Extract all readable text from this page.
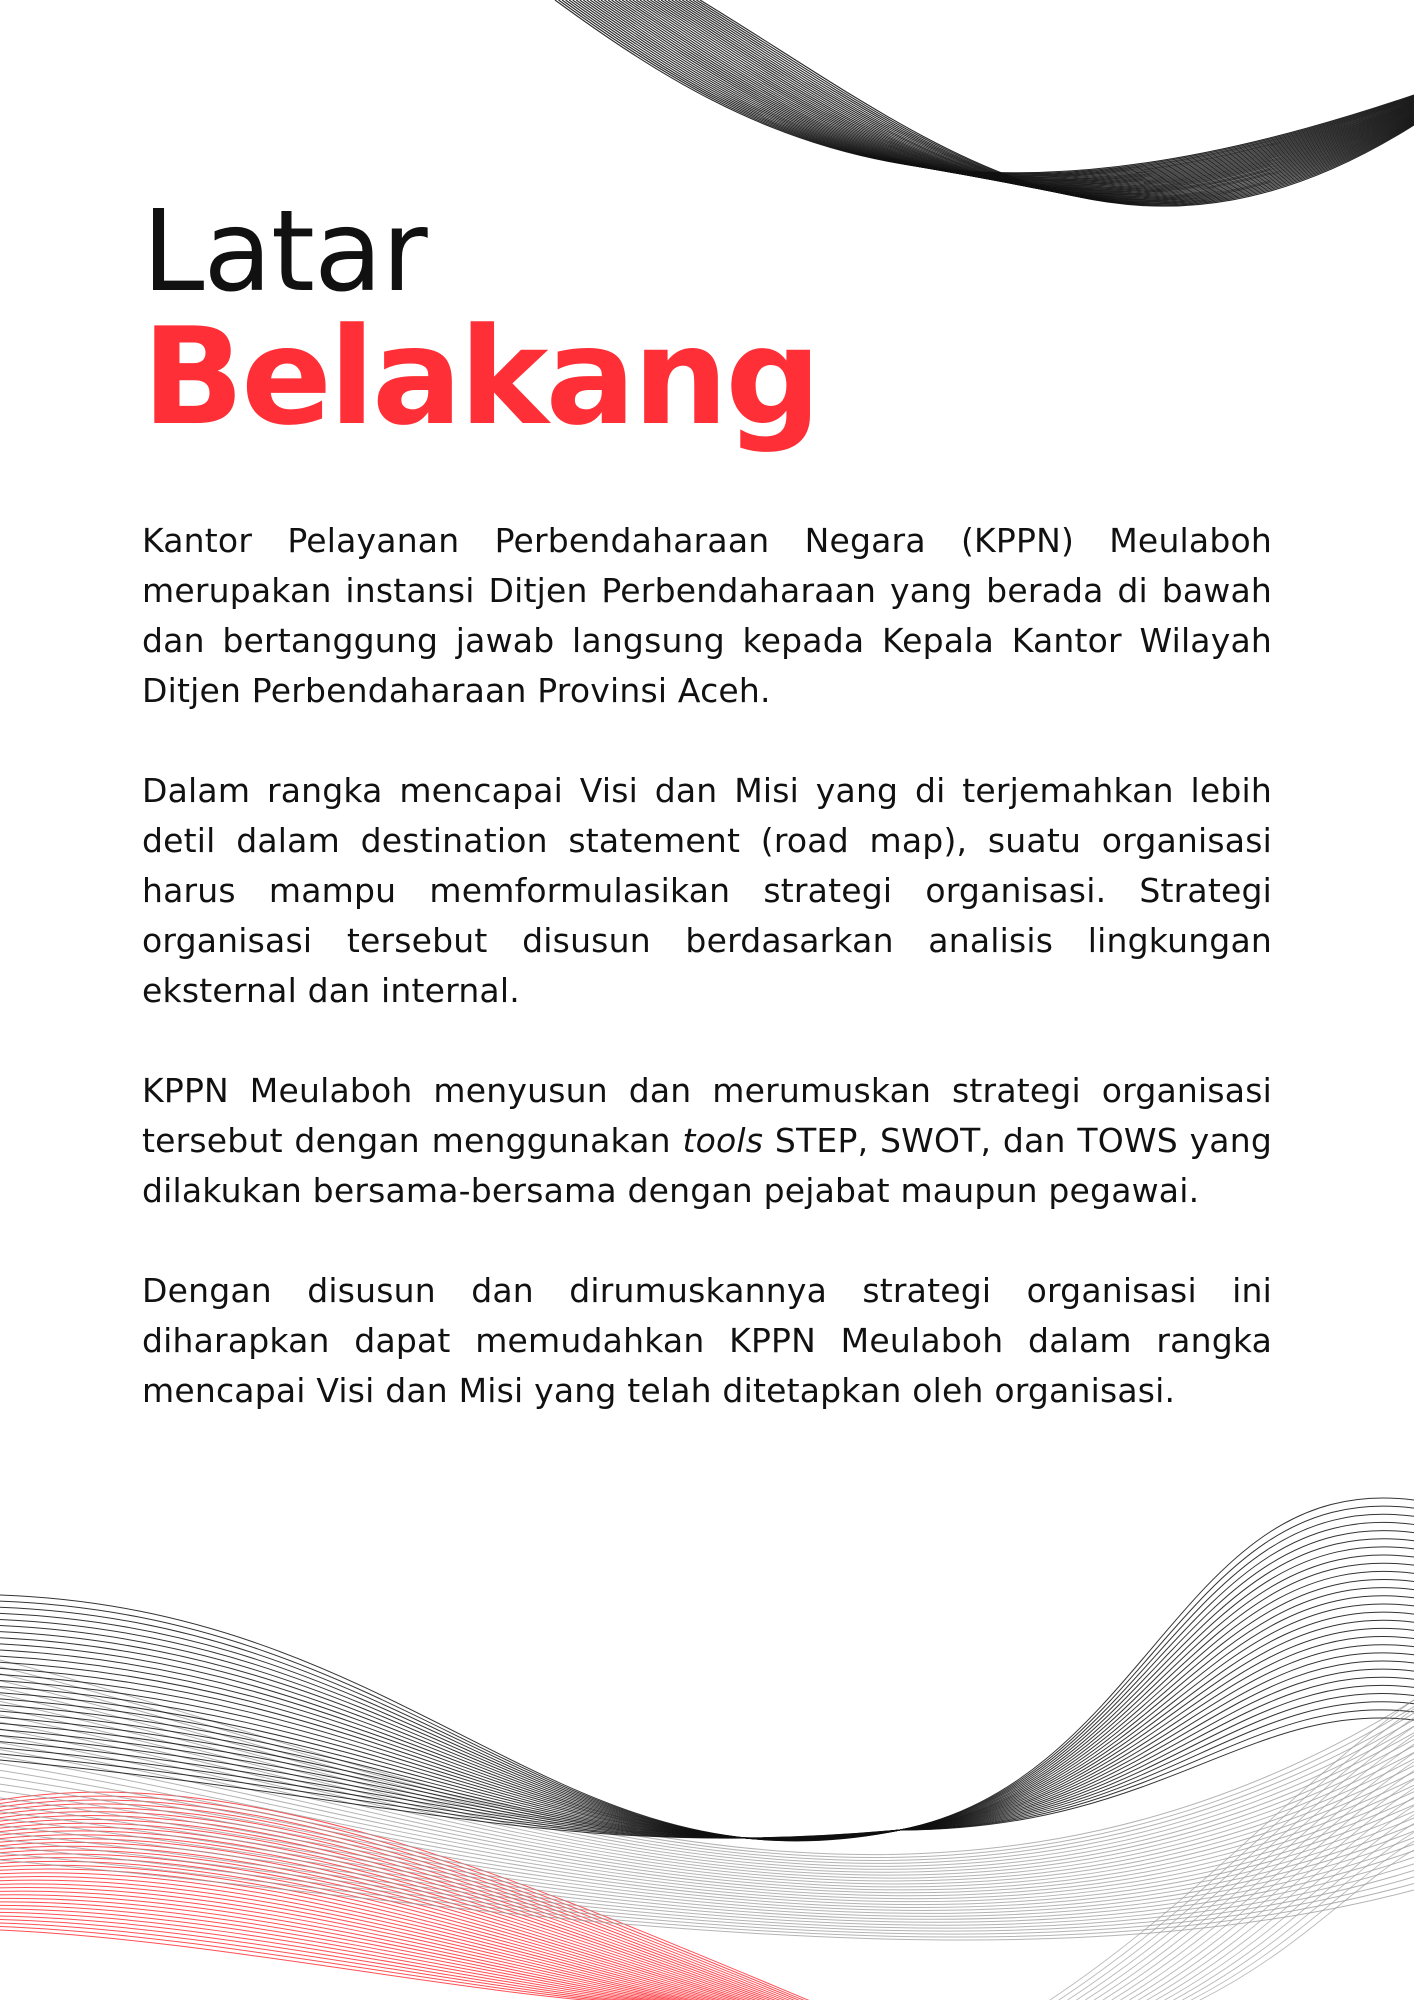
Latar
Belakang

Kantor Pelayanan Perbendaharaan Negara (KPPN) Meulaboh merupakan instansi Ditjen Perbendaharaan yang berada di bawah dan bertanggung jawab langsung kepada Kepala Kantor Wilayah Ditjen Perbendaharaan Provinsi Aceh.

Dalam rangka mencapai Visi dan Misi yang di terjemahkan lebih detil dalam destination statement (road map), suatu organisasi harus mampu memformulasikan strategi organisasi. Strategi organisasi tersebut disusun berdasarkan analisis lingkungan eksternal dan internal.

KPPN Meulaboh menyusun dan merumuskan strategi organisasi tersebut dengan menggunakan tools STEP, SWOT, dan TOWS yang dilakukan bersama-bersama dengan pejabat maupun pegawai.

Dengan disusun dan dirumuskannya strategi organisasi ini diharapkan dapat memudahkan KPPN Meulaboh dalam rangka mencapai Visi dan Misi yang telah ditetapkan oleh organisasi.
